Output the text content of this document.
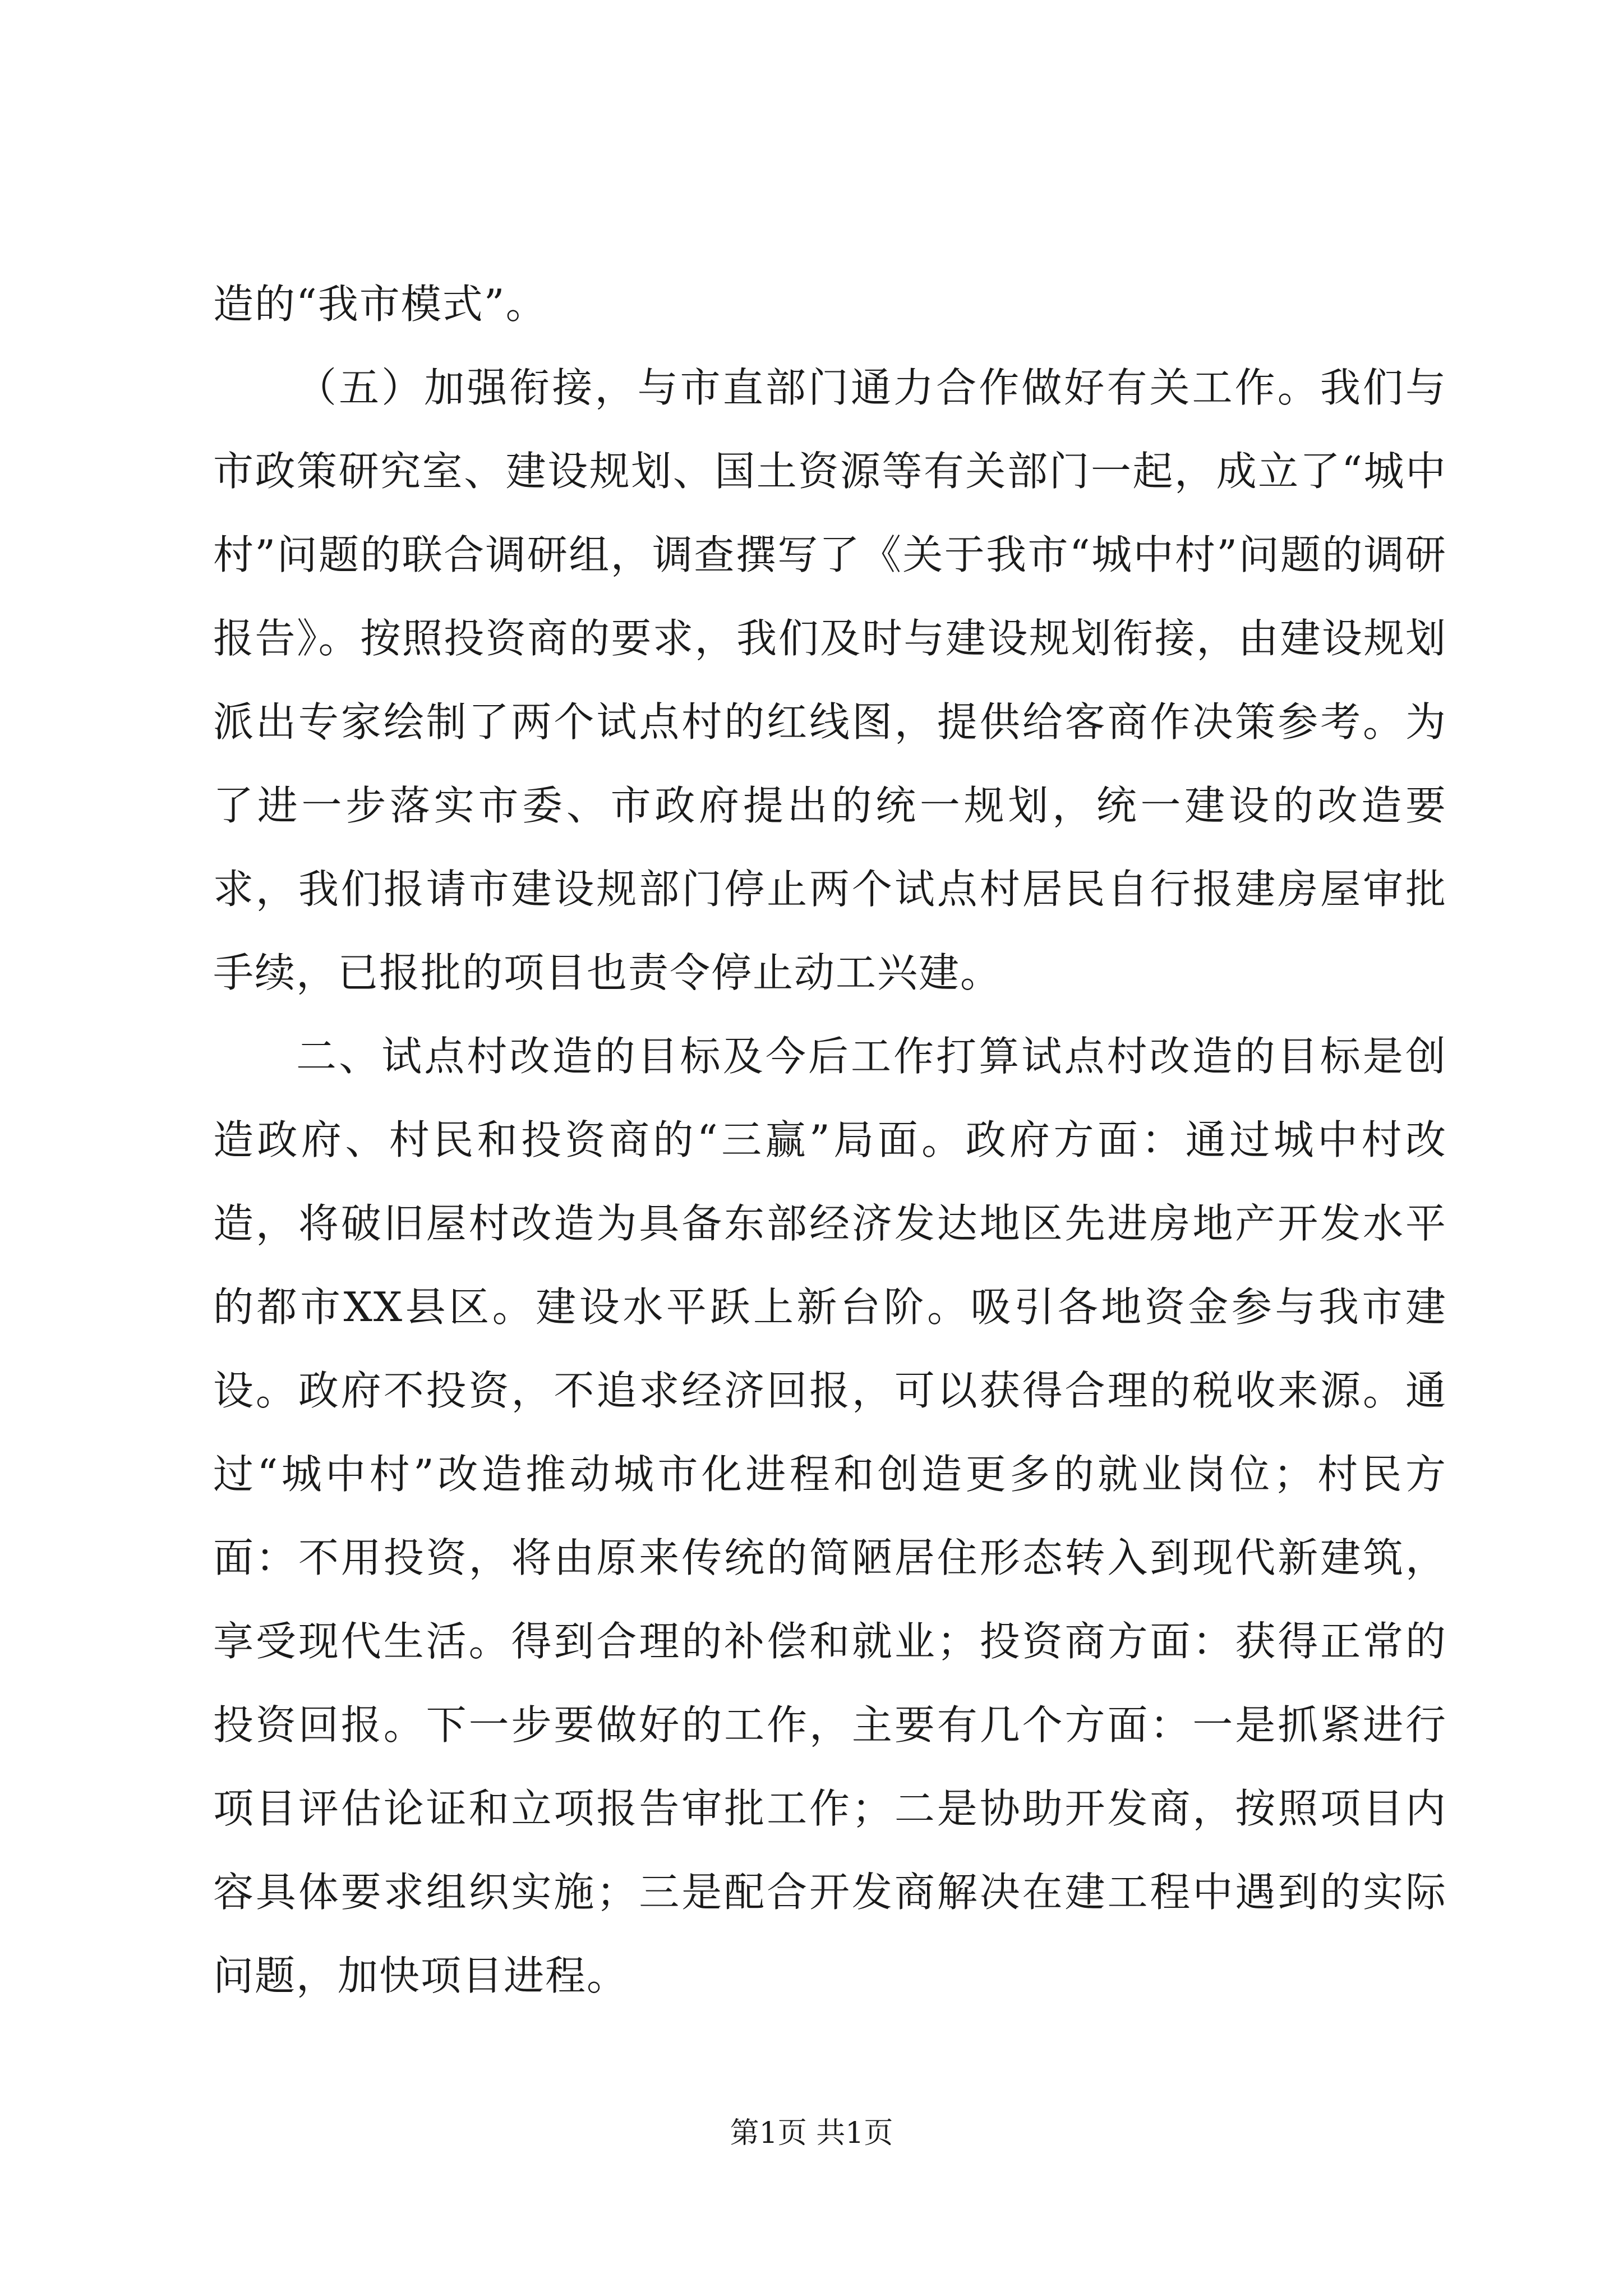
造的“我市模式”。

（五）加强衔接，与市直部门通力合作做好有关工作。我们与市政策研究室、建设规划、国土资源等有关部门一起，成立了“城中村”问题的联合调研组，调查撰写了《关于我市“城中村”问题的调研报告》。按照投资商的要求，我们及时与建设规划衔接，由建设规划派出专家绘制了两个试点村的红线图，提供给客商作决策参考。为了进一步落实市委、市政府提出的统一规划，统一建设的改造要求，我们报请市建设规部门停止两个试点村居民自行报建房屋审批手续，已报批的项目也责令停止动工兴建。

二、试点村改造的目标及今后工作打算试点村改造的目标是创造政府、村民和投资商的“三赢”局面。政府方面：通过城中村改造，将破旧屋村改造为具备东部经济发达地区先进房地产开发水平的都市XX县区。建设水平跃上新台阶。吸引各地资金参与我市建设。政府不投资，不追求经济回报，可以获得合理的税收来源。通过“城中村”改造推动城市化进程和创造更多的就业岗位；村民方面：不用投资，将由原来传统的简陋居住形态转入到现代新建筑，享受现代生活。得到合理的补偿和就业；投资商方面：获得正常的投资回报。下一步要做好的工作，主要有几个方面：一是抓紧进行项目评估论证和立项报告审批工作；二是协助开发商，按照项目内容具体要求组织实施；三是配合开发商解决在建工程中遇到的实际问题，加快项目进程。

第1页 共1页
